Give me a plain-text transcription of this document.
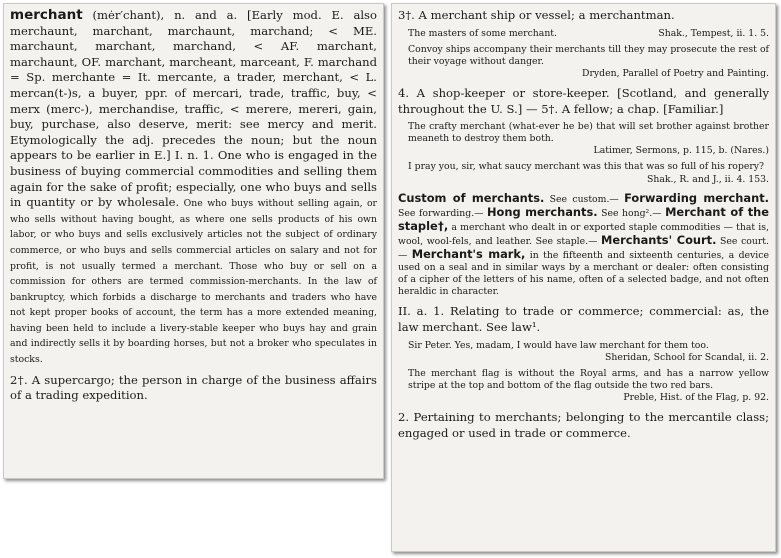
merchant (mėr′chant), n. and a. [Early mod. E. also merchaunt, marchant, marchaunt, marchand; < ME. marchaunt, marchant, marchand, < AF. marchant, marchaunt, OF. marchant, marcheant, marceant, F. marchand = Sp. merchante = It. mercante, a trader, merchant, < L. mercan(t-)s, a buyer, ppr. of mercari, trade, traffic, buy, < merx (merc-), merchandise, traffic, < merere, mereri, gain, buy, purchase, also deserve, merit: see mercy and merit. Etymologically the adj. precedes the noun; but the noun appears to be earlier in E.] I. n. 1. One who is engaged in the business of buying commercial commodities and selling them again for the sake of profit; especially, one who buys and sells in quantity or by wholesale. One who buys without selling again, or who sells without having bought, as where one sells products of his own labor, or who buys and sells exclusively articles not the subject of ordinary commerce, or who buys and sells commercial articles on salary and not for profit, is not usually termed a merchant. Those who buy or sell on a commission for others are termed commission-merchants. In the law of bankruptcy, which forbids a discharge to merchants and traders who have not kept proper books of account, the term has a more extended meaning, having been held to include a livery-stable keeper who buys hay and grain and indirectly sells it by boarding horses, but not a broker who speculates in stocks.

2†. A supercargo; the person in charge of the business affairs of a trading expedition.

3†. A merchant ship or vessel; a merchantman.

The masters of some merchant.	Shak., Tempest, ii. 1. 5.

Convoy ships accompany their merchants till they may prosecute the rest of their voyage without danger.

Dryden, Parallel of Poetry and Painting.

4. A shop-keeper or store-keeper. [Scotland, and generally throughout the U. S.] — 5†. A fellow; a chap. [Familiar.]

The crafty merchant (what-ever he be) that will set brother against brother meaneth to destroy them both.

Latimer, Sermons, p. 115, b. (Nares.)

I pray you, sir, what saucy merchant was this that was so full of his ropery?

Shak., R. and J., ii. 4. 153.

Custom of merchants. See custom.— Forwarding merchant. See forwarding.— Hong merchants. See hong².— Merchant of the staple†, a merchant who dealt in or exported staple commodities — that is, wool, wool-fels, and leather. See staple.— Merchants' Court. See court.— Merchant's mark, in the fifteenth and sixteenth centuries, a device used on a seal and in similar ways by a merchant or dealer: often consisting of a cipher of the letters of his name, often of a selected badge, and not often heraldic in character.

II. a. 1. Relating to trade or commerce; commercial: as, the law merchant. See law¹.

Sir Peter. Yes, madam, I would have law merchant for them too.

Sheridan, School for Scandal, ii. 2.

The merchant flag is without the Royal arms, and has a narrow yellow stripe at the top and bottom of the flag outside the two red bars.

Preble, Hist. of the Flag, p. 92.

2. Pertaining to merchants; belonging to the mercantile class; engaged or used in trade or commerce.
